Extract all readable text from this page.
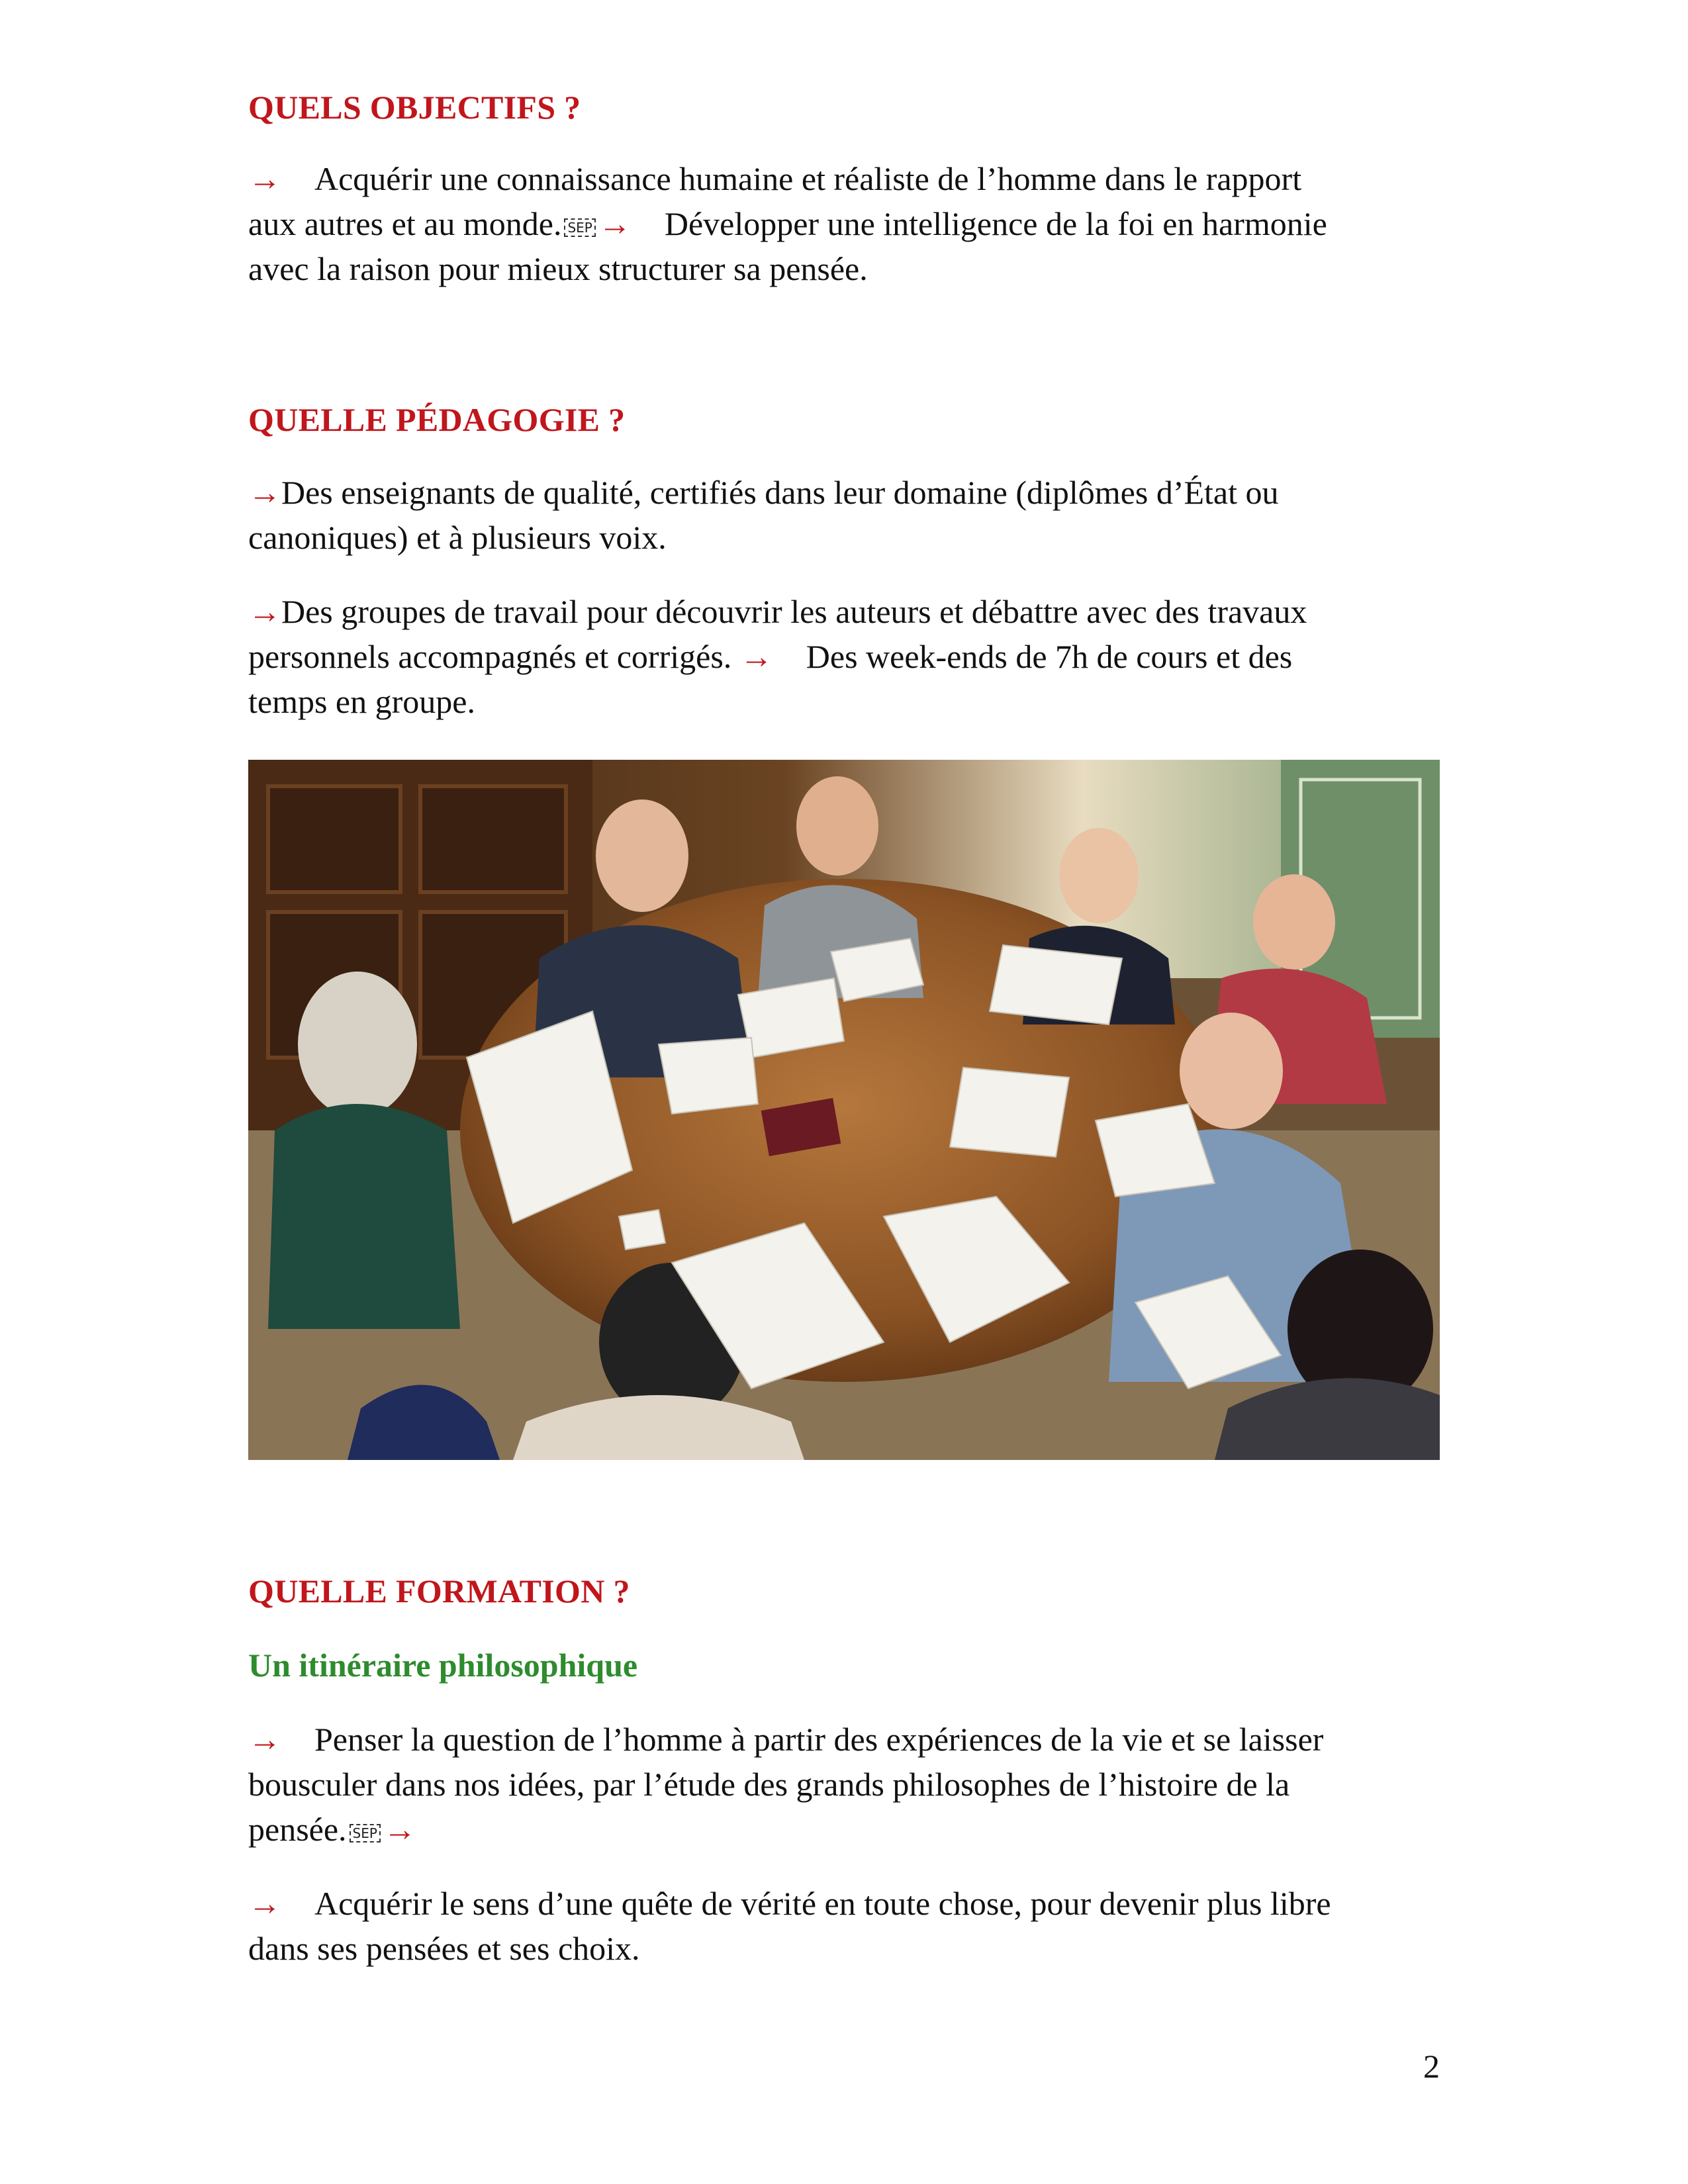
QUELS OBJECTIFS ?

→ Acquérir une connaissance humaine et réaliste de l’homme dans le rapport
aux autres et au monde. SEP → Développer une intelligence de la foi en harmonie
avec la raison pour mieux structurer sa pensée.

QUELLE PÉDAGOGIE ?

→Des enseignants de qualité, certifiés dans leur domaine (diplômes d’État ou
canoniques) et à plusieurs voix.

→Des groupes de travail pour découvrir les auteurs et débattre avec des travaux
personnels accompagnés et corrigés. → Des week-ends de 7h de cours et des
temps en groupe.

QUELLE FORMATION ?
Un itinéraire philosophique

→ Penser la question de l’homme à partir des expériences de la vie et se laisser
bousculer dans nos idées, par l’étude des grands philosophes de l’histoire de la
pensée. SEP →

→ Acquérir le sens d’une quête de vérité en toute chose, pour devenir plus libre
dans ses pensées et ses choix.

2
